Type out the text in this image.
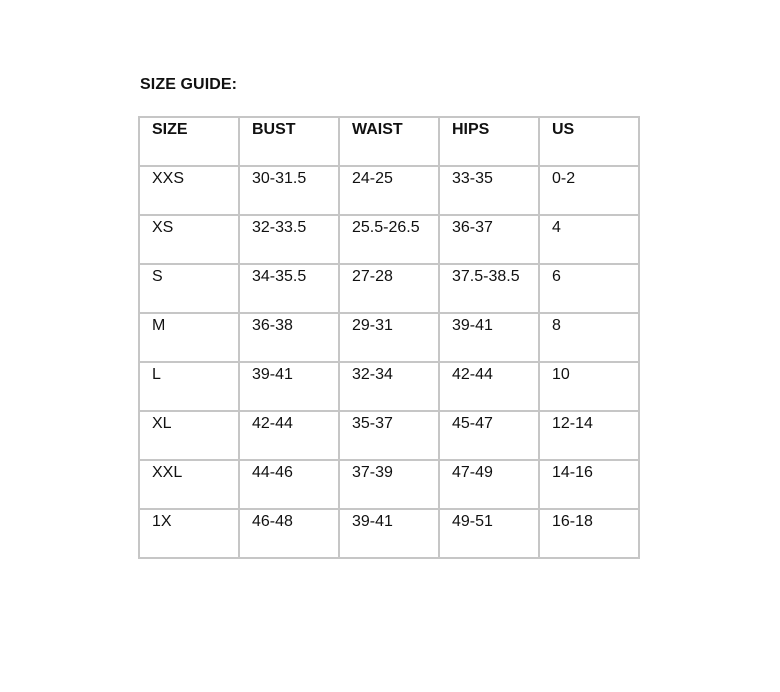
SIZE GUIDE:
SIZE	BUST	WAIST	HIPS	US
XXS	30-31.5	24-25	33-35	0-2
XS	32-33.5	25.5-26.5	36-37	4
S	34-35.5	27-28	37.5-38.5	6
M	36-38	29-31	39-41	8
L	39-41	32-34	42-44	10
XL	42-44	35-37	45-47	12-14
XXL	44-46	37-39	47-49	14-16
1X	46-48	39-41	49-51	16-18
